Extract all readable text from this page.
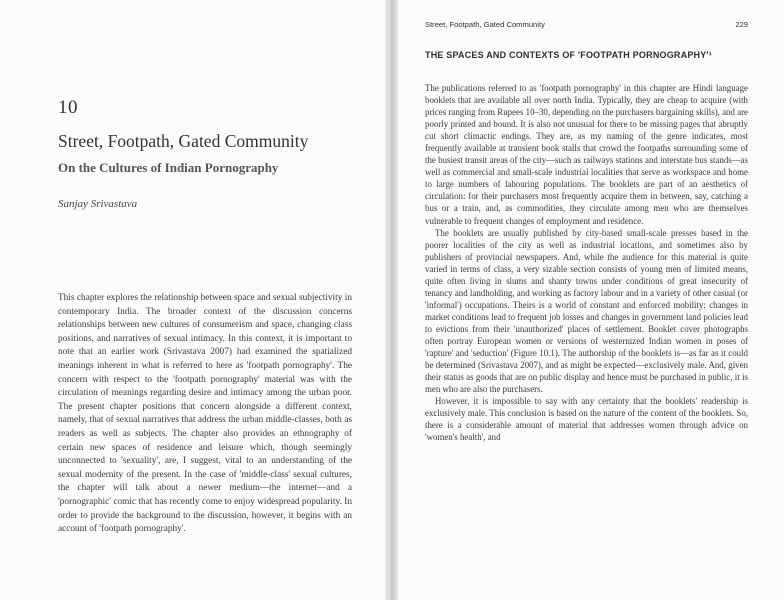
10
Street, Footpath, Gated Community
On the Cultures of Indian Pornography
Sanjay Srivastava

This chapter explores the relationship between space and sexual subjectivity in contemporary India. The broader context of the discussion concerns relationships between new cultures of consumerism and space, changing class positions, and narratives of sexual intimacy. In this context, it is important to note that an earlier work (Srivastava 2007) had examined the spatialized meanings inherent in what is referred to here as 'footpath pornography'. The concern with respect to the 'footpath pornography' material was with the circulation of meanings regarding desire and intimacy among the urban poor. The present chapter positions that concern alongside a different context, namely, that of sexual narratives that address the urban middle-classes, both as readers as well as subjects. The chapter also provides an ethnography of certain new spaces of residence and leisure which, though seemingly unconnected to 'sexuality', are, I suggest, vital to an understanding of the sexual modernity of the present. In the case of 'middle-class' sexual cultures, the chapter will talk about a newer medium—the internet—and a 'pornographic' comic that has recently come to enjoy widespread popularity. In order to provide the background to the discussion, however, it begins with an account of 'footpath pornography'.

Street, Footpath, Gated Community	229
THE SPACES AND CONTEXTS OF 'FOOTPATH PORNOGRAPHY'¹

The publications referred to as 'footpath pornography' in this chapter are Hindi language booklets that are available all over north India. Typically, they are cheap to acquire (with prices ranging from Rupees 10–30, depending on the purchasers bargaining skills), and are poorly printed and bound. It is also not unusual for there to be missing pages that abruptly cut short climactic endings. They are, as my naming of the genre indicates, most frequently available at transient book stalls that crowd the footpaths surrounding some of the busiest transit areas of the city—such as railways stations and interstate bus stands—as well as commercial and small-scale industrial localities that serve as workspace and home to large numbers of labouring populations. The booklets are part of an aesthetics of circulation: for their purchasers most frequently acquire them in between, say, catching a bus or a train, and, as commodities, they circulate among men who are themselves vulnerable to frequent changes of employment and residence.

The booklets are usually published by city-based small-scale presses based in the poorer localities of the city as well as industrial locations, and sometimes also by publishers of provincial newspapers. And, while the audience for this material is quite varied in terms of class, a very sizable section consists of young men of limited means, quite often living in slums and shanty towns under conditions of great insecurity of tenancy and landholding, and working as factory labour and in a variety of other casual (or 'informal') occupations. Theirs is a world of constant and enforced mobility: changes in market conditions lead to frequent job losses and changes in government land policies lead to evictions from their 'unauthorized' places of settlement. Booklet cover photographs often portray European women or versions of westernized Indian women in poses of 'rapture' and 'seduction' (Figure 10.1). The authorship of the booklets is—as far as it could be determined (Srivastava 2007), and as might be expected—exclusively male. And, given their status as goods that are on public display and hence must be purchased in public, it is men who are also the purchasers.

However, it is impossible to say with any certainty that the booklets' readership is exclusively male. This conclusion is based on the nature of the content of the booklets. So, there is a considerable amount of material that addresses women through advice on 'women's health', and
